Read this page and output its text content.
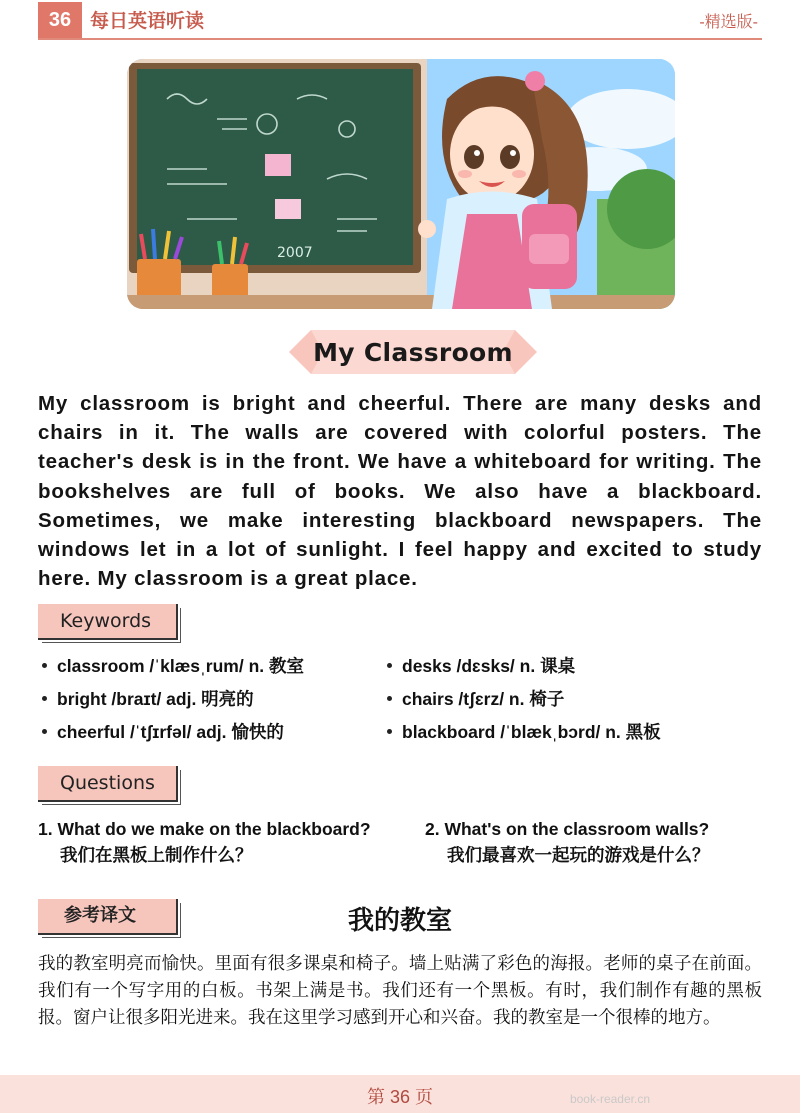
36 每日英语听读	-精选版-
2007
My Classroom
My classroom is bright and cheerful. There are many desks and chairs in it. The walls are covered with colorful posters. The teacher's desk is in the front. We have a whiteboard for writing. The bookshelves are full of books. We also have a blackboard. Sometimes, we make interesting blackboard newspapers. The windows let in a lot of sunlight. I feel happy and excited to study here. My classroom is a great place.
Keywords
classroom /ˈklæsˌrum/ n. 教室	desks /dɛsks/ n. 课桌
bright /braɪt/ adj. 明亮的	chairs /tʃɛrz/ n. 椅子
cheerful /ˈtʃɪrfəl/ adj. 愉快的	blackboard /ˈblækˌbɔrd/ n. 黑板
Questions
1. What do we make on the blackboard?
我们在黑板上制作什么？
2. What's on the classroom walls?
我们最喜欢一起玩的游戏是什么？
参考译文	我的教室
我的教室明亮而愉快。里面有很多课桌和椅子。墙上贴满了彩色的海报。老师的桌子在前面。我们有一个写字用的白板。书架上满是书。我们还有一个黑板。有时，我们制作有趣的黑板报。窗户让很多阳光进来。我在这里学习感到开心和兴奋。我的教室是一个很棒的地方。
第 36 页	book-reader.cn
